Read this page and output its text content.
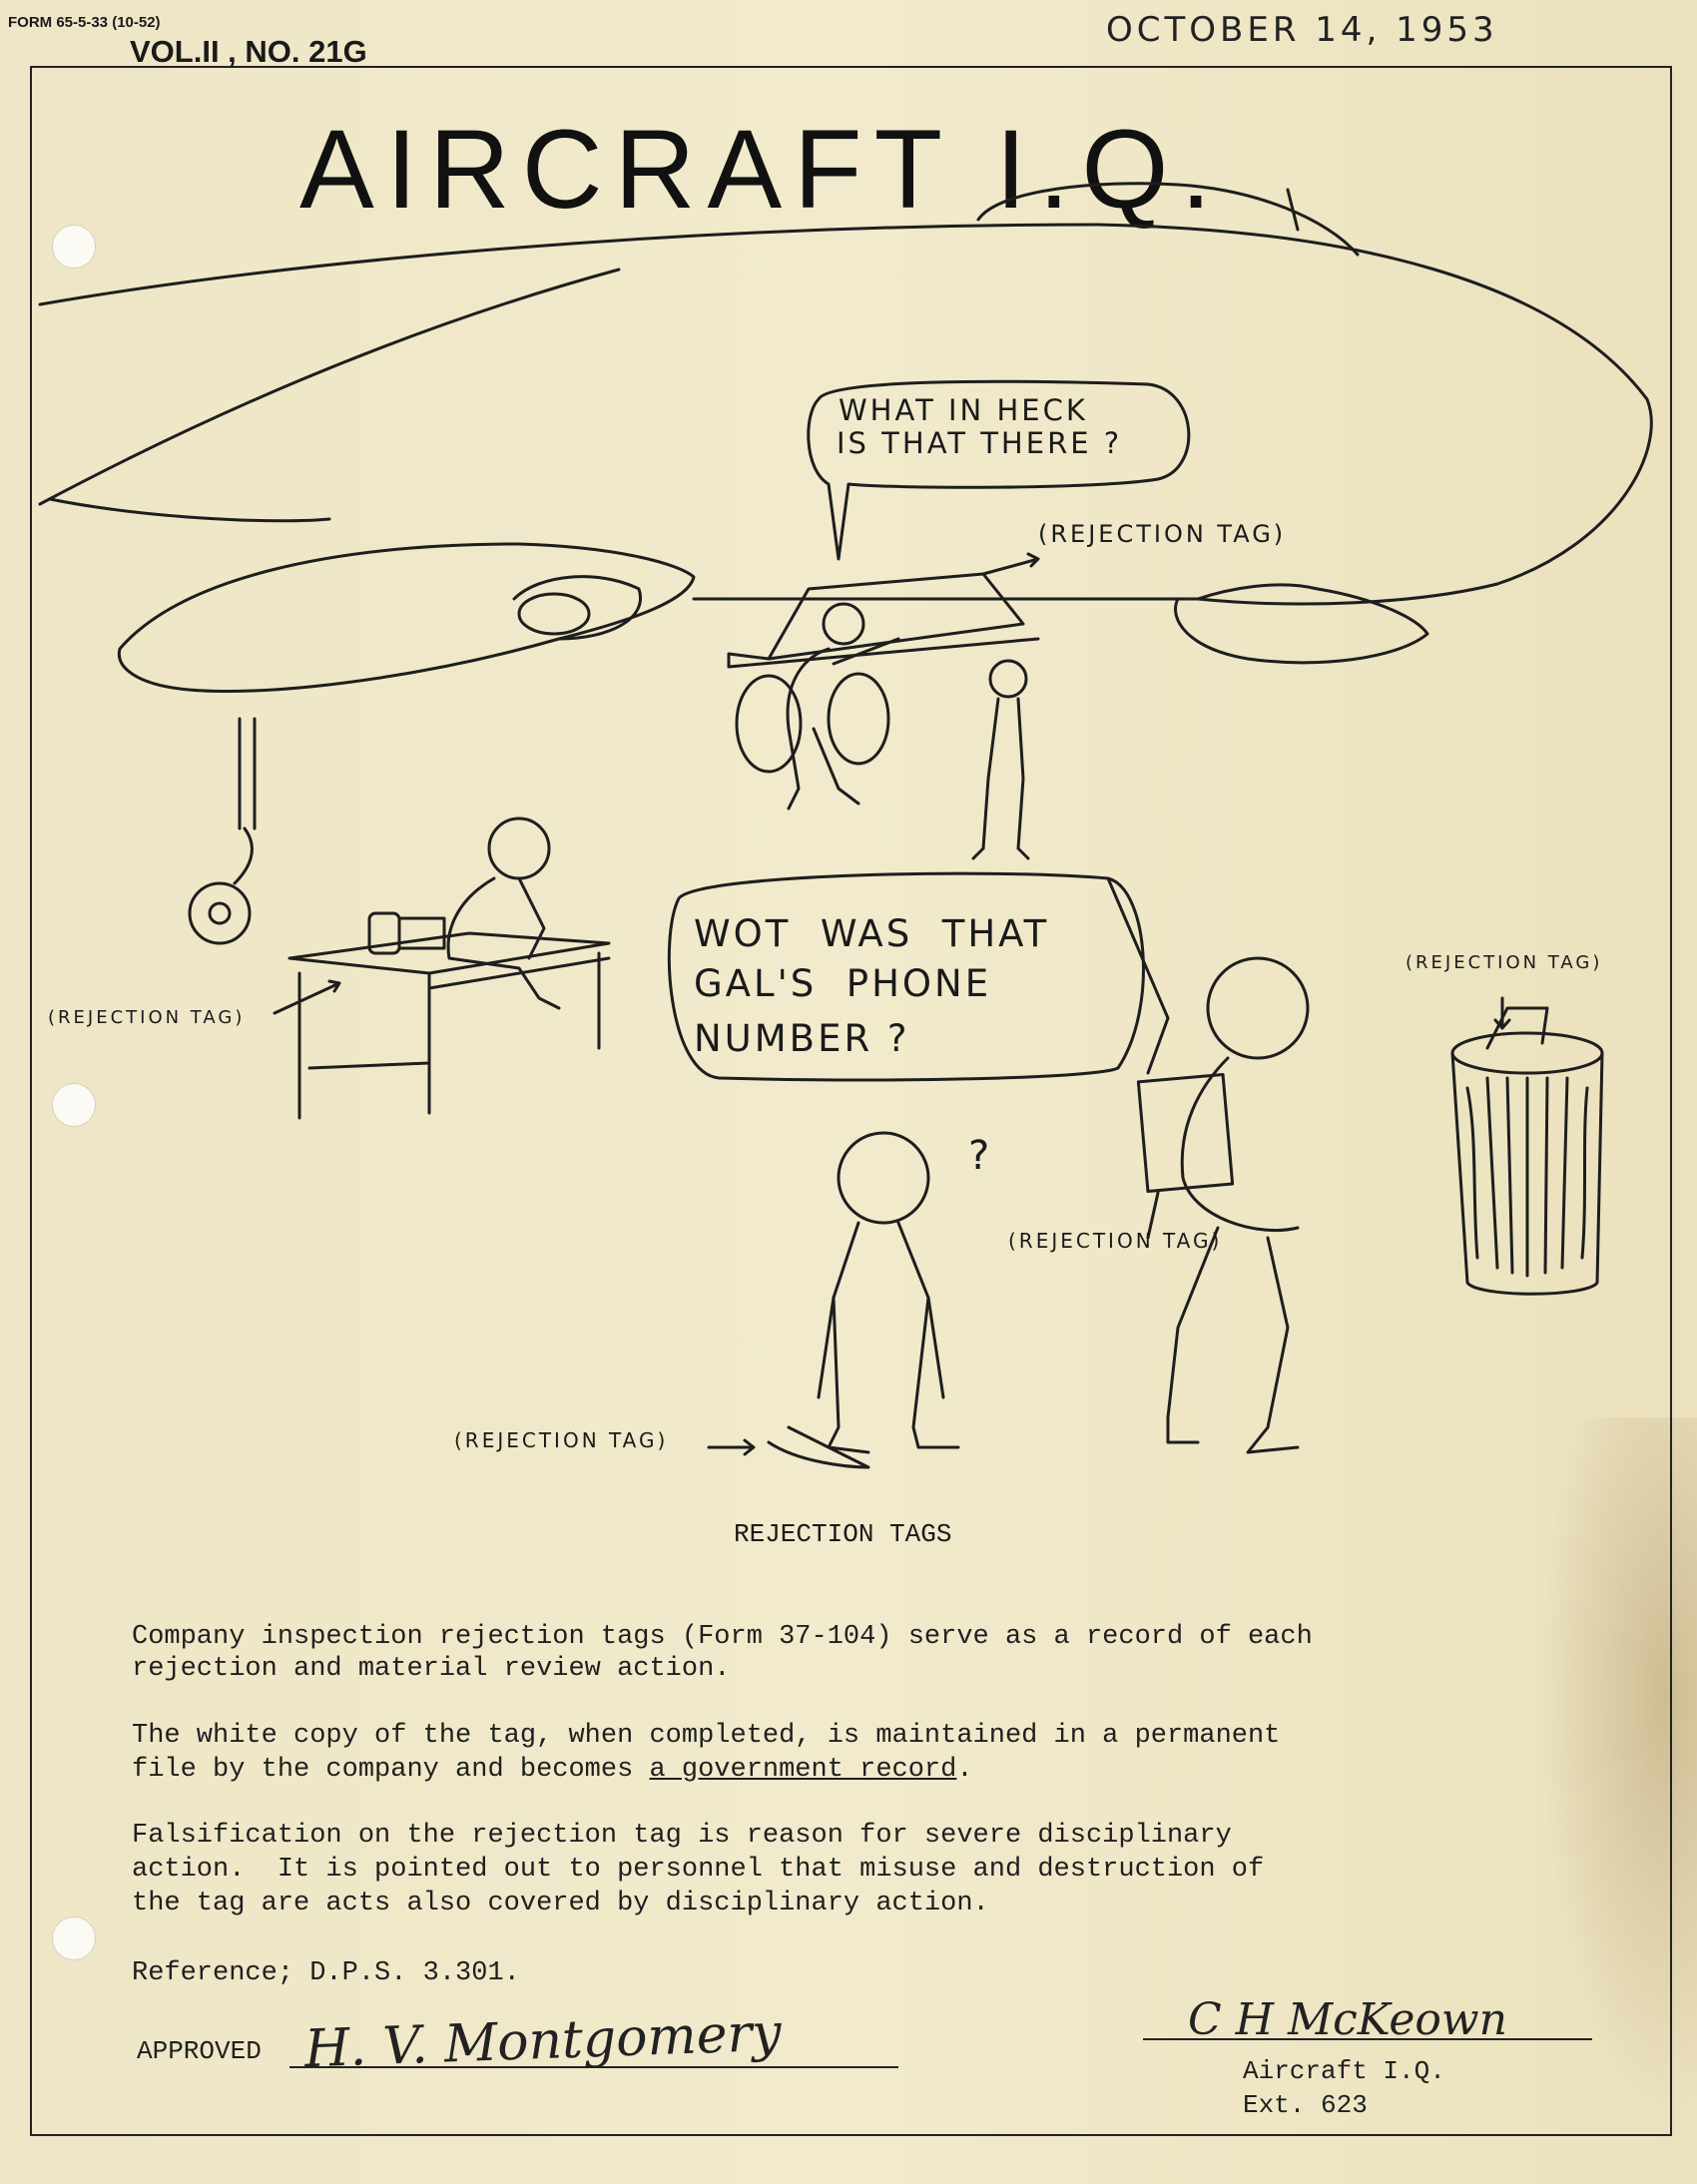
FORM 65-5-33 (10-52)
VOL.II , NO. 21G
OCTOBER 14, 1953
AIRCRAFT I.Q.
WHAT IN HECK
IS THAT THERE ?
WOT  WAS  THAT
GAL'S  PHONE
NUMBER ?
?
(REJECTION TAG)
(REJECTION TAG)
(REJECTION TAG)
(REJECTION TAG)
(REJECTION TAG)
REJECTION TAGS
Company inspection rejection tags (Form 37-104) serve as a record of each
rejection and material review action.
The white copy of the tag, when completed, is maintained in a permanent
file by the company and becomes a government record.
Falsification on the rejection tag is reason for severe disciplinary
action.  It is pointed out to personnel that misuse and destruction of
the tag are acts also covered by disciplinary action.
Reference; D.P.S. 3.301.
APPROVED H. V. Montgomery	C H McKeown
Aircraft I.Q.
Ext. 623
